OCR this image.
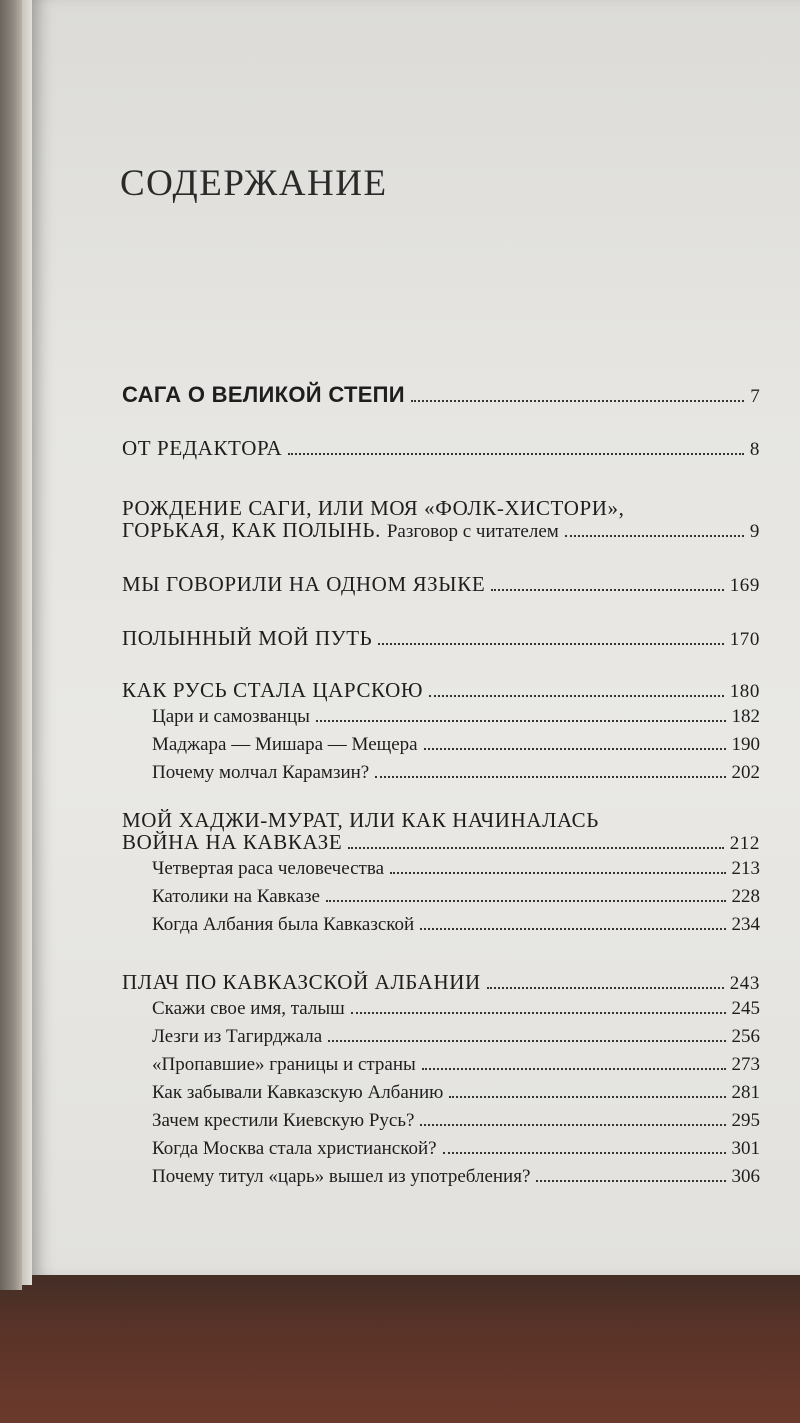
СОДЕРЖАНИЕ
САГА О ВЕЛИКОЙ СТЕПИ	7
ОТ РЕДАКТОРА	8
РОЖДЕНИЕ САГИ, ИЛИ МОЯ «ФОЛК-ХИСТОРИ»,
ГОРЬКАЯ, КАК ПОЛЫНЬ. Разговор с читателем	9
МЫ ГОВОРИЛИ НА ОДНОМ ЯЗЫКЕ	169
ПОЛЫННЫЙ МОЙ ПУТЬ	170
КАК РУСЬ СТАЛА ЦАРСКОЮ	180
Цари и самозванцы	182
Маджара — Мишара — Мещера	190
Почему молчал Карамзин?	202
МОЙ ХАДЖИ-МУРАТ, ИЛИ КАК НАЧИНАЛАСЬ
ВОЙНА НА КАВКАЗЕ	212
Четвертая раса человечества	213
Католики на Кавказе	228
Когда Албания была Кавказской	234
ПЛАЧ ПО КАВКАЗСКОЙ АЛБАНИИ	243
Скажи свое имя, талыш	245
Лезги из Тагирджала	256
«Пропавшие» границы и страны	273
Как забывали Кавказскую Албанию	281
Зачем крестили Киевскую Русь?	295
Когда Москва стала христианской?	301
Почему титул «царь» вышел из употребления?	306
